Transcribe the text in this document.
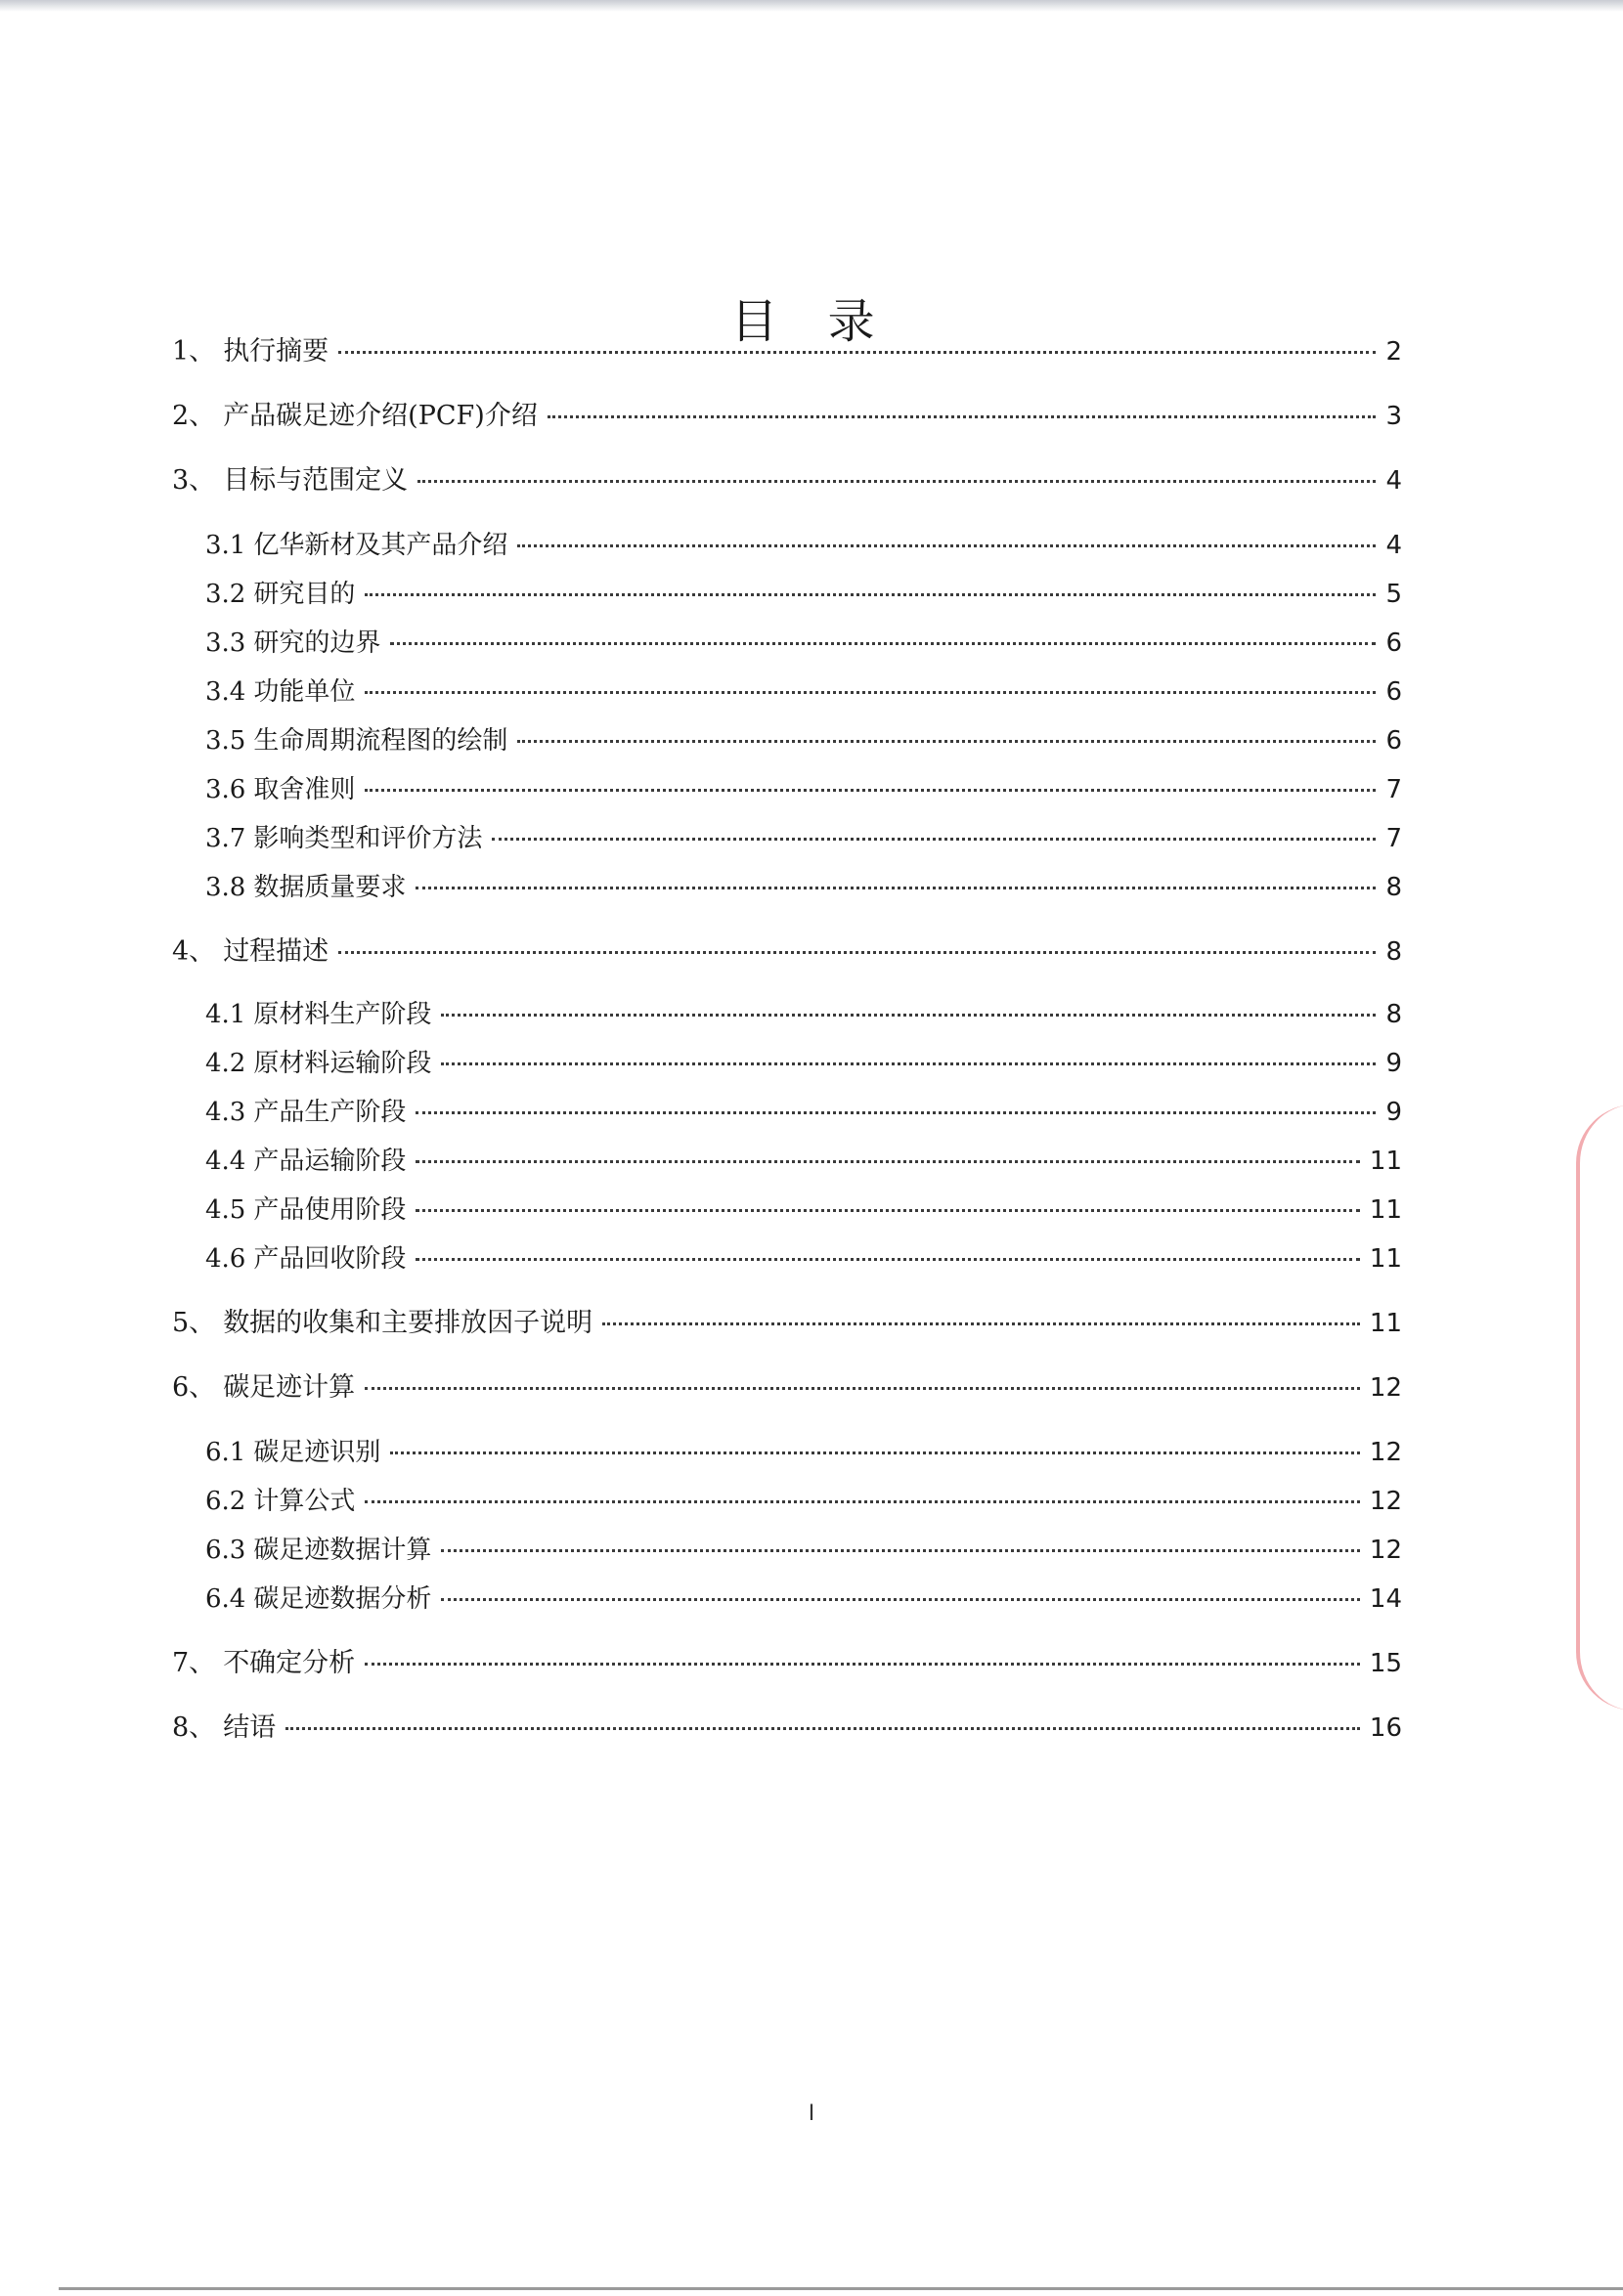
目 录
1、 执行摘要	2
2、 产品碳足迹介绍(PCF)介绍	3
3、 目标与范围定义	4
3.1 亿华新材及其产品介绍	4
3.2 研究目的	5
3.3 研究的边界	6
3.4 功能单位	6
3.5 生命周期流程图的绘制	6
3.6 取舍准则	7
3.7 影响类型和评价方法	7
3.8 数据质量要求	8
4、 过程描述	8
4.1 原材料生产阶段	8
4.2 原材料运输阶段	9
4.3 产品生产阶段	9
4.4 产品运输阶段	11
4.5 产品使用阶段	11
4.6 产品回收阶段	11
5、 数据的收集和主要排放因子说明	11
6、 碳足迹计算	12
6.1 碳足迹识别	12
6.2 计算公式	12
6.3 碳足迹数据计算	12
6.4 碳足迹数据分析	14
7、 不确定分析	15
8、 结语	16
I
